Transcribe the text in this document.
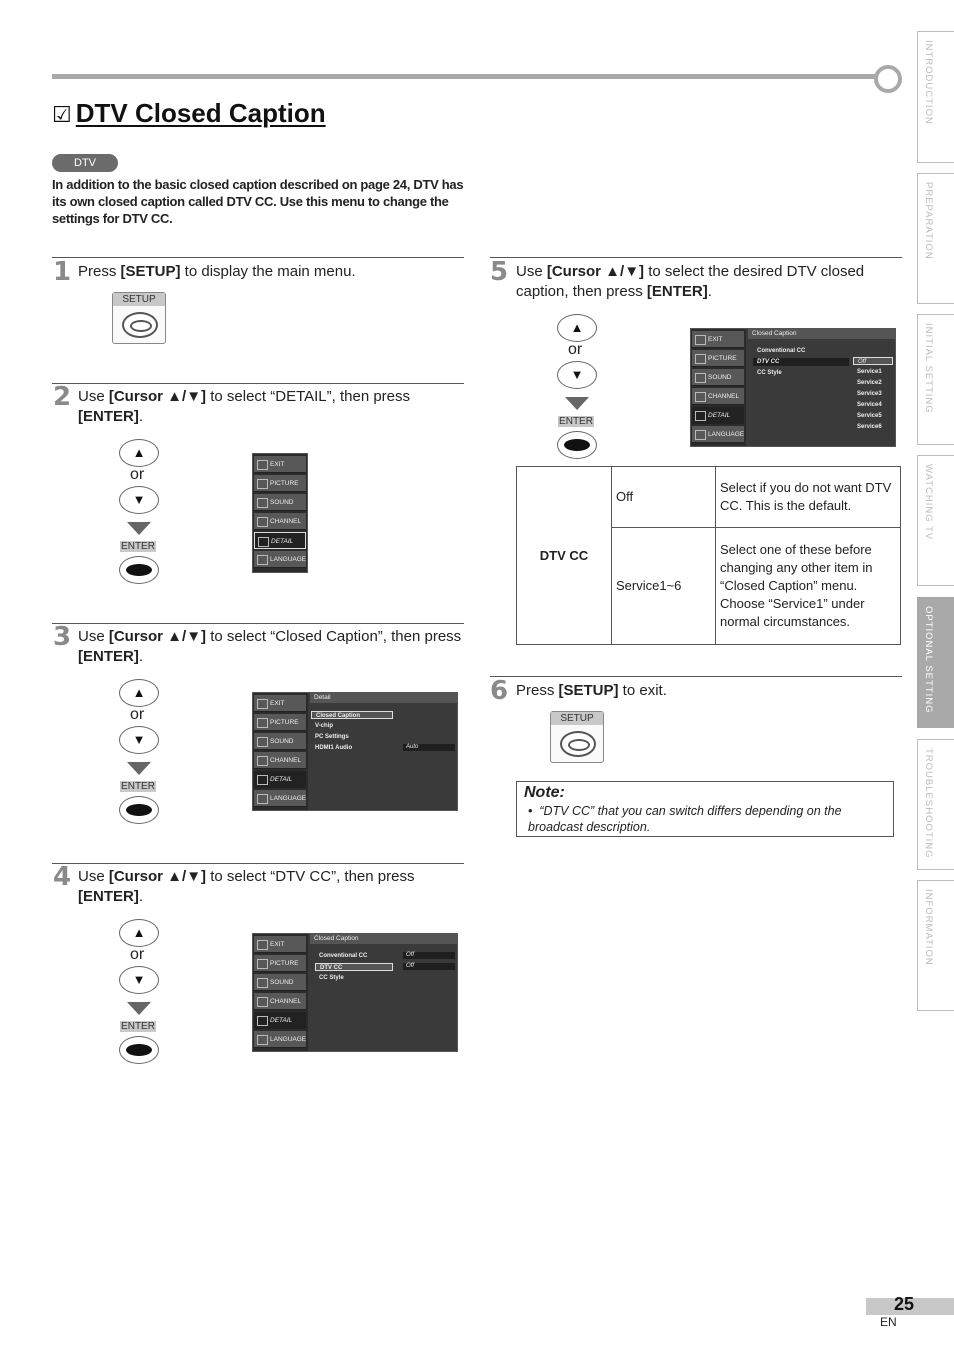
☑ DTV Closed Caption
DTV
In addition to the basic closed caption described on page 24, DTV has its own closed caption called DTV CC. Use this menu to change the settings for DTV CC.
1 Press [SETUP] to display the main menu.
SETUP
2 Use [Cursor ▲/▼] to select “DETAIL”, then press [ENTER].
▲
or
▼
ENTER
EXIT
PICTURE
SOUND
CHANNEL
DETAIL
LANGUAGE
3 Use [Cursor ▲/▼] to select “Closed Caption”, then press [ENTER].
▲
or
▼
ENTER
EXIT
PICTURE
SOUND
CHANNEL
DETAIL
LANGUAGE
Detail
Closed Caption
V-chip
PC Settings
HDMI1 Audio	Auto
4 Use [Cursor ▲/▼] to select “DTV CC”, then press [ENTER].
▲
or
▼
ENTER
EXIT
PICTURE
SOUND
CHANNEL
DETAIL
LANGUAGE
Closed Caption
Conventional CC
DTV CC
CC Style
Off
Off
5 Use [Cursor ▲/▼] to select the desired DTV closed caption, then press [ENTER].
▲
or
▼
ENTER
EXIT
PICTURE
SOUND
CHANNEL
DETAIL
LANGUAGE
Closed Caption
Conventional CC
DTV CC
CC Style
Off
Service1
Service2
Service3
Service4
Service5
Service6
DTV CC	Off	Select if you do not want DTV CC. This is the default.
	Service1~6	Select one of these before changing any other item in “Closed Caption” menu. Choose “Service1” under normal circumstances.
6 Press [SETUP] to exit.
SETUP
Note:
•  “DTV CC” that you can switch differs depending on the broadcast description.
INTRODUCTION
PREPARATION
INITIAL SETTING
WATCHING TV
OPTIONAL SETTING
TROUBLESHOOTING
INFORMATION
25
EN
